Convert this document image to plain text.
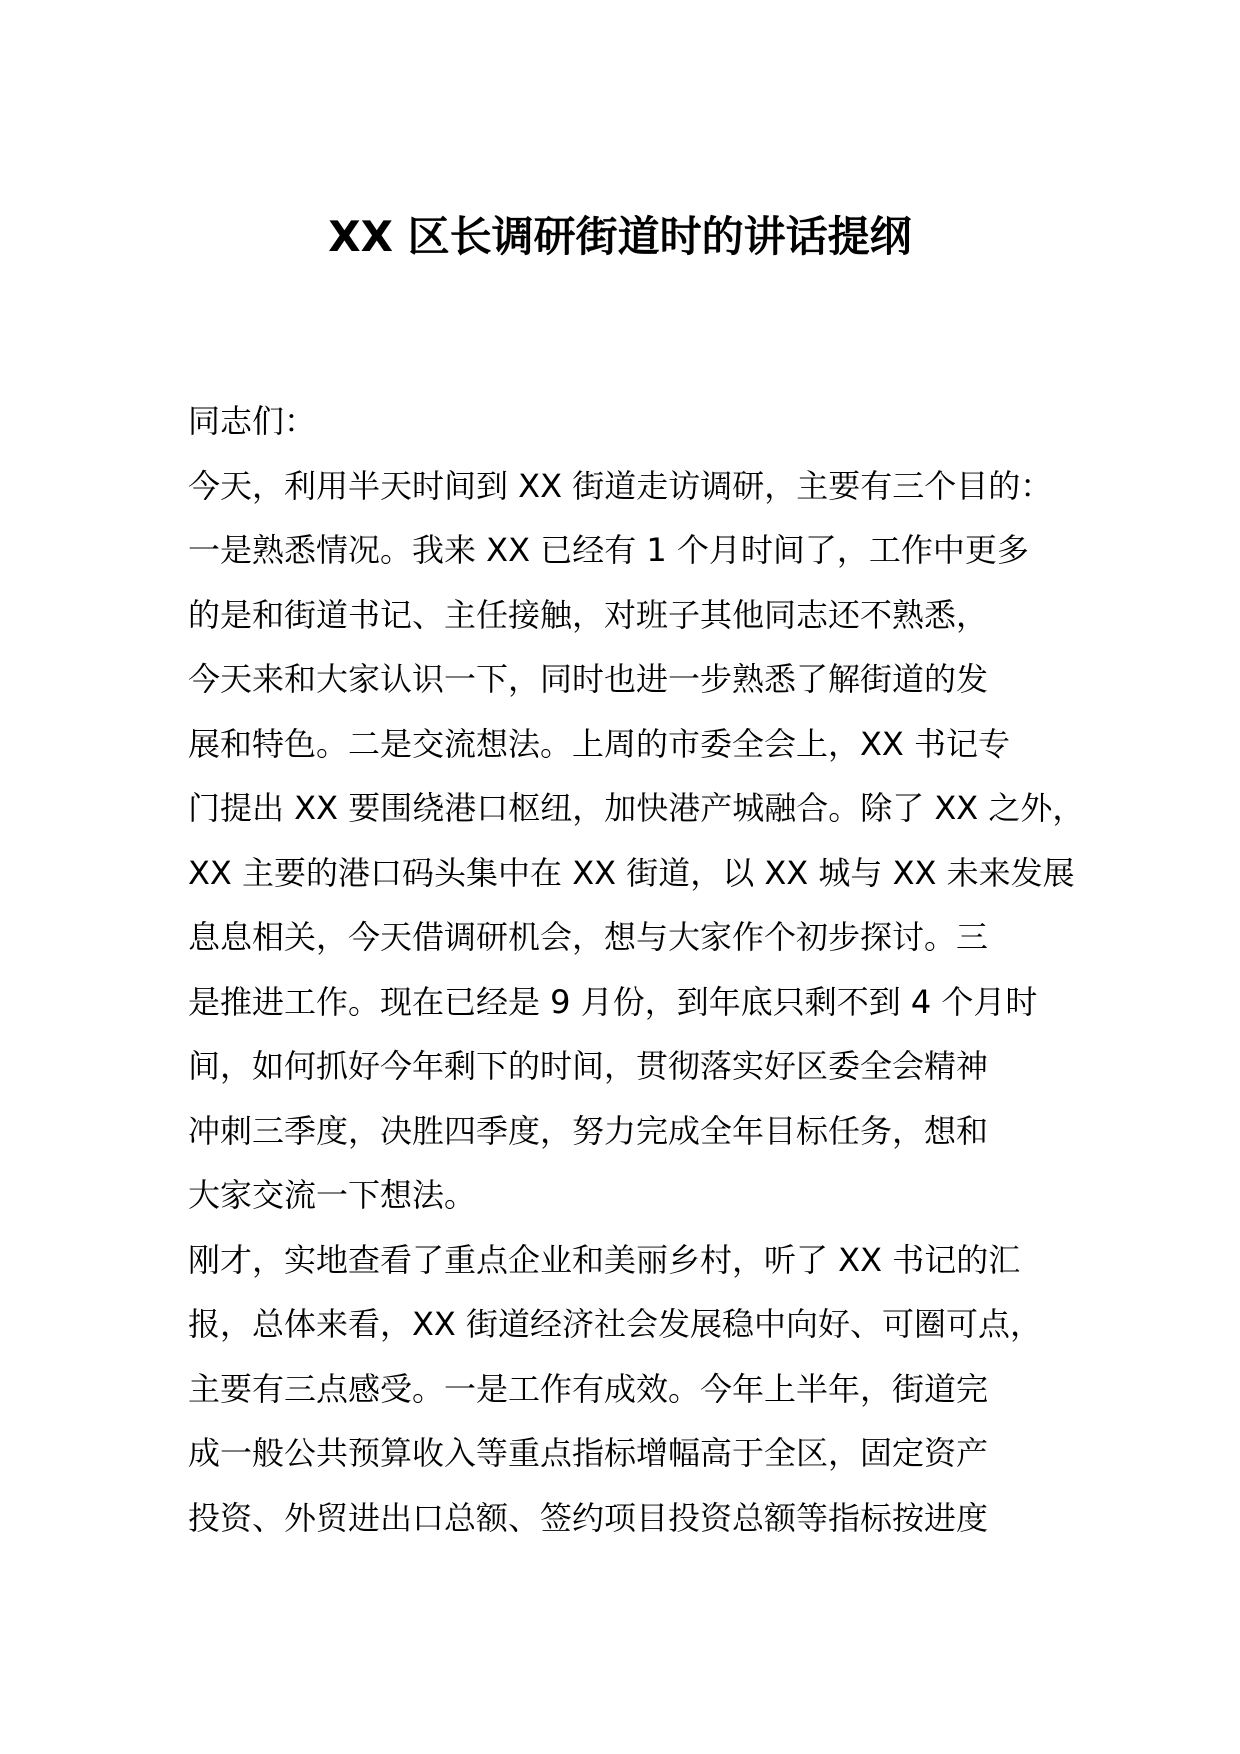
XX 区长调研街道时的讲话提纲
同志们：
今天，利用半天时间到 XX 街道走访调研，主要有三个目的：
一是熟悉情况。我来 XX 已经有 1 个月时间了，工作中更多
的是和街道书记、主任接触，对班子其他同志还不熟悉，
今天来和大家认识一下，同时也进一步熟悉了解街道的发
展和特色。二是交流想法。上周的市委全会上，XX 书记专
门提出 XX 要围绕港口枢纽，加快港产城融合。除了 XX 之外，
XX 主要的港口码头集中在 XX 街道，以 XX 城与 XX 未来发展
息息相关，今天借调研机会，想与大家作个初步探讨。三
是推进工作。现在已经是 9 月份，到年底只剩不到 4 个月时
间，如何抓好今年剩下的时间，贯彻落实好区委全会精神
冲刺三季度，决胜四季度，努力完成全年目标任务，想和
大家交流一下想法。
刚才，实地查看了重点企业和美丽乡村，听了 XX 书记的汇
报，总体来看，XX 街道经济社会发展稳中向好、可圈可点，
主要有三点感受。一是工作有成效。今年上半年，街道完
成一般公共预算收入等重点指标增幅高于全区，固定资产
投资、外贸进出口总额、签约项目投资总额等指标按进度
